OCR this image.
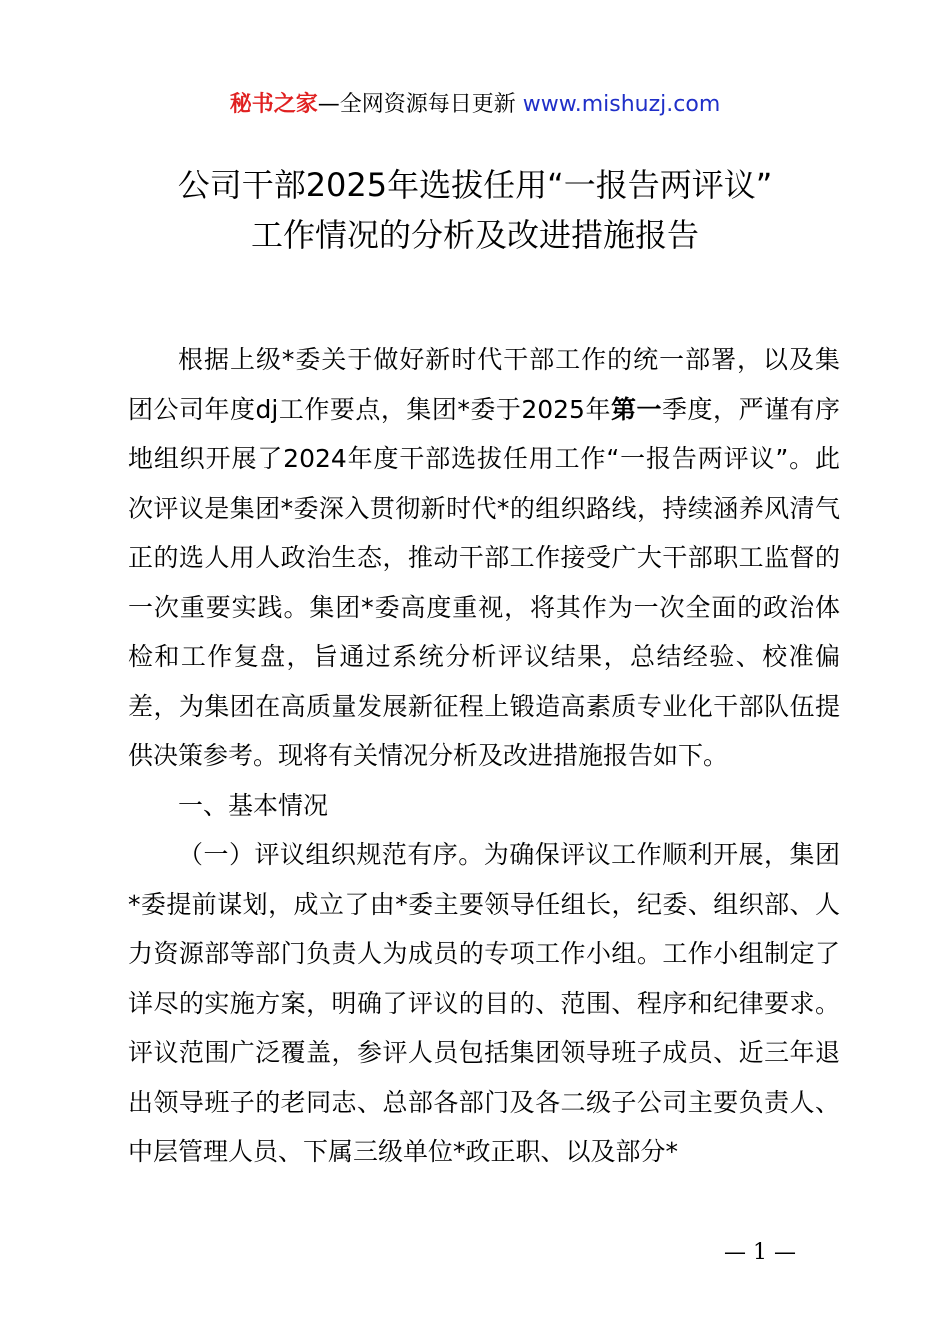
秘书之家—全网资源每日更新 www.mishuzj.com
公司干部2025年选拔任用“一报告两评议”
工作情况的分析及改进措施报告

根据上级*委关于做好新时代干部工作的统一部署，以及集团公司年度dj工作要点，集团*委于2025年第一季度，严谨有序地组织开展了2024年度干部选拔任用工作“一报告两评议”。此次评议是集团*委深入贯彻新时代*的组织路线，持续涵养风清气正的选人用人政治生态，推动干部工作接受广大干部职工监督的一次重要实践。集团*委高度重视，将其作为一次全面的政治体检和工作复盘，旨通过系统分析评议结果，总结经验、校准偏差，为集团在高质量发展新征程上锻造高素质专业化干部队伍提供决策参考。现将有关情况分析及改进措施报告如下。

一、基本情况

（一）评议组织规范有序。为确保评议工作顺利开展，集团*委提前谋划，成立了由*委主要领导任组长，纪委、组织部、人力资源部等部门负责人为成员的专项工作小组。工作小组制定了详尽的实施方案，明确了评议的目的、范围、程序和纪律要求。评议范围广泛覆盖，参评人员包括集团领导班子成员、近三年退出领导班子的老同志、总部各部门及各二级子公司主要负责人、中层管理人员、下属三级单位*政正职、以及部分*

— 1 —
